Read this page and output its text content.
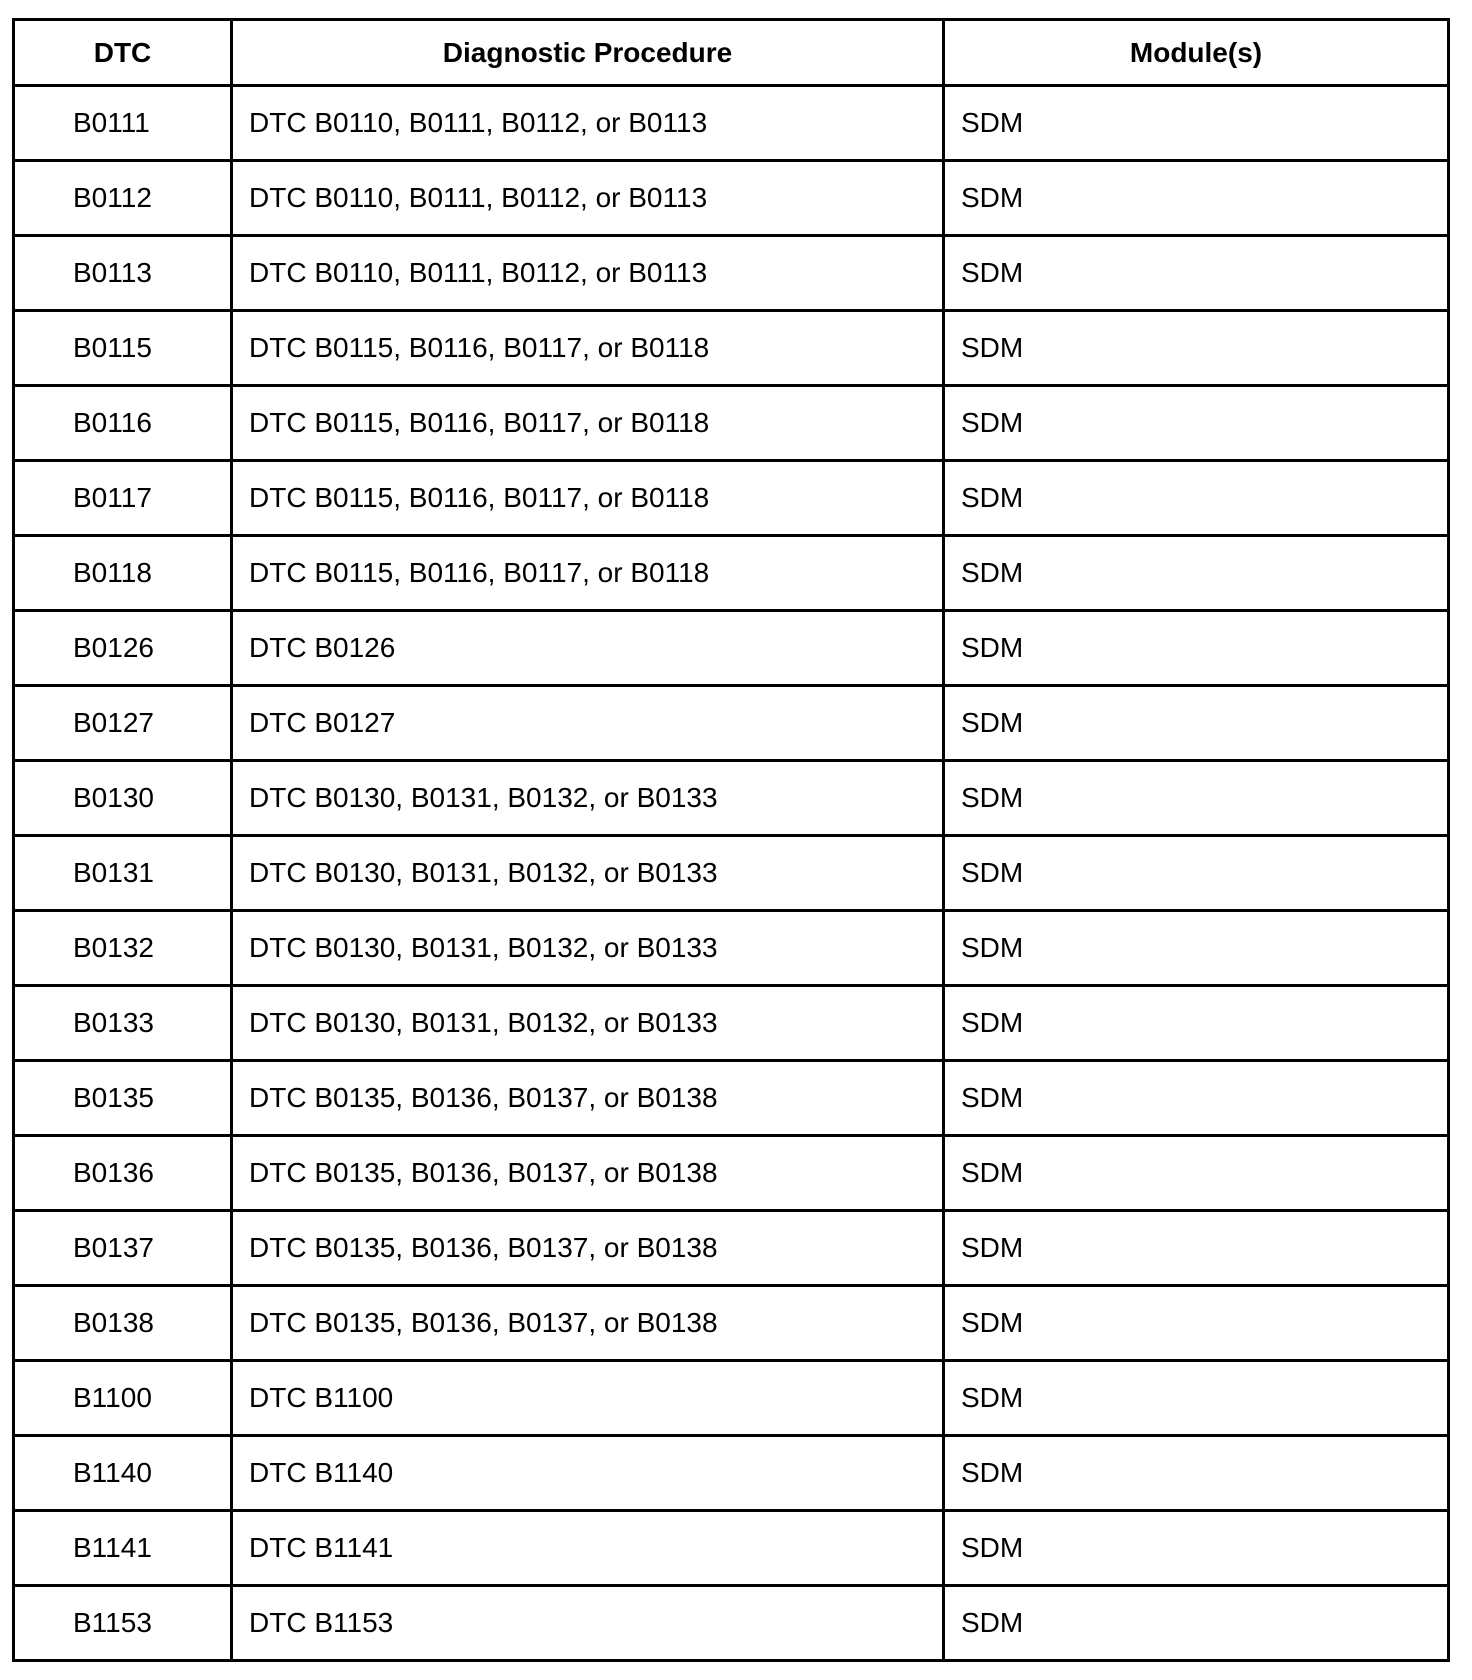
DTC	Diagnostic Procedure	Module(s)
B0111	DTC B0110, B0111, B0112, or B0113	SDM
B0112	DTC B0110, B0111, B0112, or B0113	SDM
B0113	DTC B0110, B0111, B0112, or B0113	SDM
B0115	DTC B0115, B0116, B0117, or B0118	SDM
B0116	DTC B0115, B0116, B0117, or B0118	SDM
B0117	DTC B0115, B0116, B0117, or B0118	SDM
B0118	DTC B0115, B0116, B0117, or B0118	SDM
B0126	DTC B0126	SDM
B0127	DTC B0127	SDM
B0130	DTC B0130, B0131, B0132, or B0133	SDM
B0131	DTC B0130, B0131, B0132, or B0133	SDM
B0132	DTC B0130, B0131, B0132, or B0133	SDM
B0133	DTC B0130, B0131, B0132, or B0133	SDM
B0135	DTC B0135, B0136, B0137, or B0138	SDM
B0136	DTC B0135, B0136, B0137, or B0138	SDM
B0137	DTC B0135, B0136, B0137, or B0138	SDM
B0138	DTC B0135, B0136, B0137, or B0138	SDM
B1100	DTC B1100	SDM
B1140	DTC B1140	SDM
B1141	DTC B1141	SDM
B1153	DTC B1153	SDM
